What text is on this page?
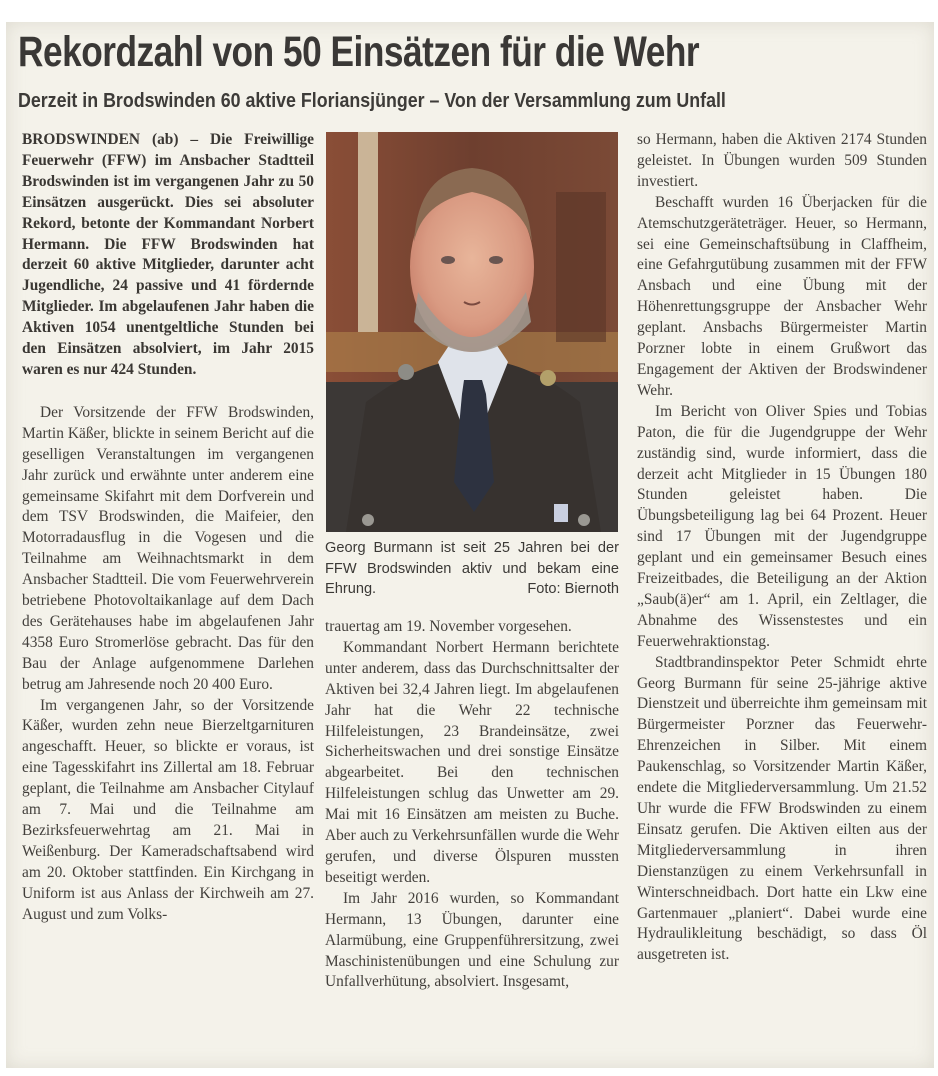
Rekordzahl von 50 Einsätzen für die Wehr
Derzeit in Brodswinden 60 aktive Floriansjünger – Von der Versammlung zum Unfall

BRODSWINDEN (ab) – Die Freiwillige Feuerwehr (FFW) im Ansbacher Stadtteil Brodswinden ist im vergangenen Jahr zu 50 Einsätzen ausgerückt. Dies sei absoluter Rekord, betonte der Kommandant Norbert Hermann. Die FFW Brodswinden hat derzeit 60 aktive Mitglieder, darunter acht Jugendliche, 24 passive und 41 fördernde Mitglieder. Im abgelaufenen Jahr haben die Aktiven 1054 unentgeltliche Stunden bei den Einsätzen absolviert, im Jahr 2015 waren es nur 424 Stunden.

Der Vorsitzende der FFW Brodswinden, Martin Käßer, blickte in seinem Bericht auf die geselligen Veranstaltungen im vergangenen Jahr zurück und erwähnte unter anderem eine gemeinsame Skifahrt mit dem Dorfverein und dem TSV Brodswinden, die Maifeier, den Motorradausflug in die Vogesen und die Teilnahme am Weihnachtsmarkt in dem Ansbacher Stadtteil. Die vom Feuerwehrverein betriebene Photovoltaikanlage auf dem Dach des Gerätehauses habe im abgelaufenen Jahr 4358 Euro Stromerlöse gebracht. Das für den Bau der Anlage aufgenommene Darlehen betrug am Jahresende noch 20 400 Euro.

Im vergangenen Jahr, so der Vorsitzende Käßer, wurden zehn neue Bierzeltgarnituren angeschafft. Heuer, so blickte er voraus, ist eine Tagesskifahrt ins Zillertal am 18. Februar geplant, die Teilnahme am Ansbacher Citylauf am 7. Mai und die Teilnahme am Bezirksfeuerwehrtag am 21. Mai in Weißenburg. Der Kameradschaftsabend wird am 20. Oktober stattfinden. Ein Kirchgang in Uniform ist aus Anlass der Kirchweih am 27. August und zum Volks-

Georg Burmann ist seit 25 Jahren bei der FFW Brodswinden aktiv und bekam eine Ehrung.	Foto: Biernoth

trauertag am 19. November vorgesehen.

Kommandant Norbert Hermann berichtete unter anderem, dass das Durchschnittsalter der Aktiven bei 32,4 Jahren liegt. Im abgelaufenen Jahr hat die Wehr 22 technische Hilfeleistungen, 23 Brandeinsätze, zwei Sicherheitswachen und drei sonstige Einsätze abgearbeitet. Bei den technischen Hilfeleistungen schlug das Unwetter am 29. Mai mit 16 Einsätzen am meisten zu Buche. Aber auch zu Verkehrsunfällen wurde die Wehr gerufen, und diverse Ölspuren mussten beseitigt werden.

Im Jahr 2016 wurden, so Kommandant Hermann, 13 Übungen, darunter eine Alarmübung, eine Gruppenführersitzung, zwei Maschinistenübungen und eine Schulung zur Unfallverhütung, absolviert. Insgesamt,

so Hermann, haben die Aktiven 2174 Stunden geleistet. In Übungen wurden 509 Stunden investiert.

Beschafft wurden 16 Überjacken für die Atemschutzgeräteträger. Heuer, so Hermann, sei eine Gemeinschaftsübung in Claffheim, eine Gefahrgutübung zusammen mit der FFW Ansbach und eine Übung mit der Höhenrettungsgruppe der Ansbacher Wehr geplant. Ansbachs Bürgermeister Martin Porzner lobte in einem Grußwort das Engagement der Aktiven der Brodswindener Wehr.

Im Bericht von Oliver Spies und Tobias Paton, die für die Jugendgruppe der Wehr zuständig sind, wurde informiert, dass die derzeit acht Mitglieder in 15 Übungen 180 Stunden geleistet haben. Die Übungsbeteiligung lag bei 64 Prozent. Heuer sind 17 Übungen mit der Jugendgruppe geplant und ein gemeinsamer Besuch eines Freizeitbades, die Beteiligung an der Aktion „Saub(ä)er“ am 1. April, ein Zeltlager, die Abnahme des Wissenstestes und ein Feuerwehraktionstag.

Stadtbrandinspektor Peter Schmidt ehrte Georg Burmann für seine 25-jährige aktive Dienstzeit und überreichte ihm gemeinsam mit Bürgermeister Porzner das Feuerwehr-Ehrenzeichen in Silber. Mit einem Paukenschlag, so Vorsitzender Martin Käßer, endete die Mitgliederversammlung. Um 21.52 Uhr wurde die FFW Brodswinden zu einem Einsatz gerufen. Die Aktiven eilten aus der Mitgliederversammlung in ihren Dienstanzügen zu einem Verkehrsunfall in Winterschneidbach. Dort hatte ein Lkw eine Gartenmauer „planiert“. Dabei wurde eine Hydraulikleitung beschädigt, so dass Öl ausgetreten ist.
